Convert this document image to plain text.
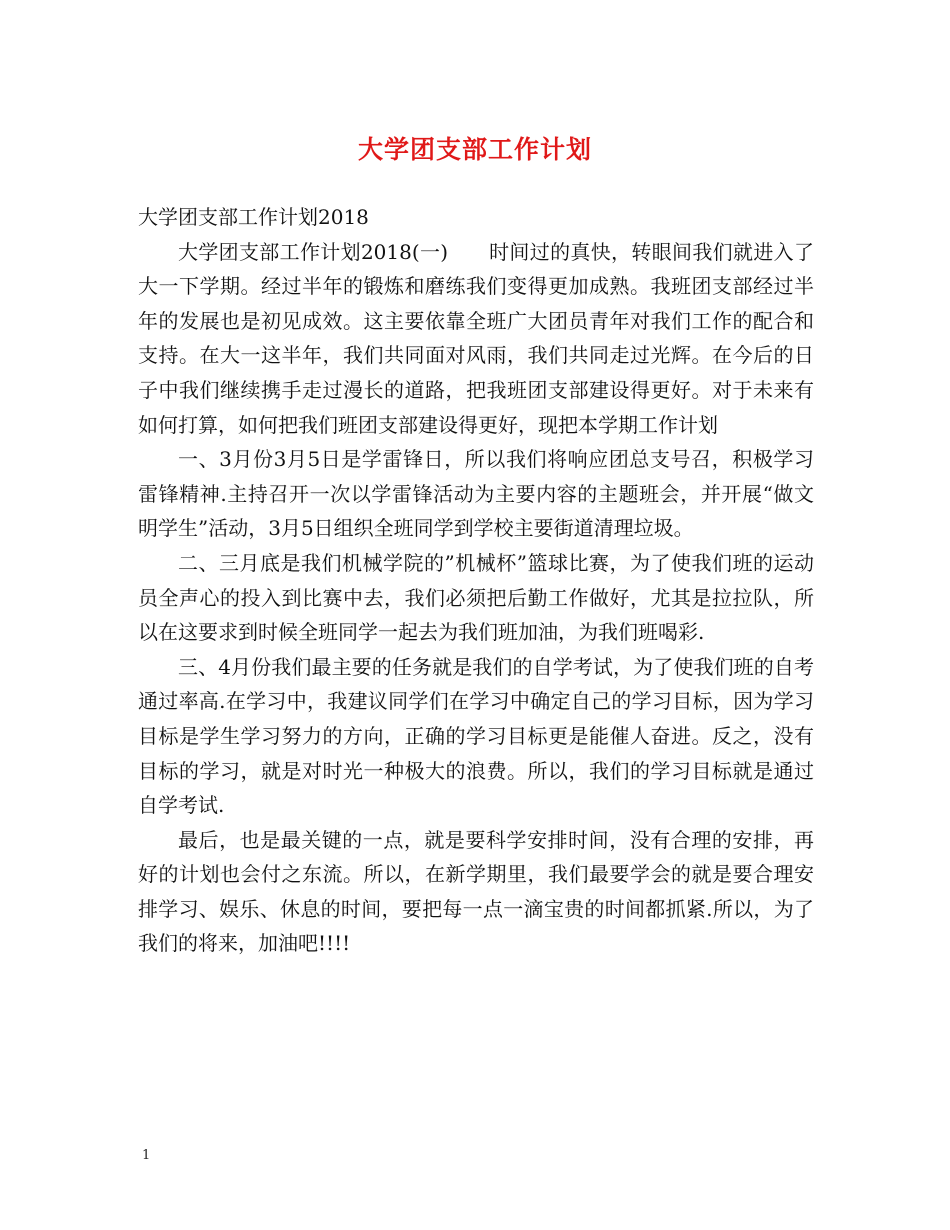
大学团支部工作计划

大学团支部工作计划2018

大学团支部工作计划2018(一)　　时间过的真快，转眼间我们就进入了大一下学期。经过半年的锻炼和磨练我们变得更加成熟。我班团支部经过半年的发展也是初见成效。这主要依靠全班广大团员青年对我们工作的配合和支持。在大一这半年，我们共同面对风雨，我们共同走过光辉。在今后的日子中我们继续携手走过漫长的道路，把我班团支部建设得更好。对于未来有如何打算，如何把我们班团支部建设得更好，现把本学期工作计划

一、3月份3月5日是学雷锋日，所以我们将响应团总支号召，积极学习雷锋精神.主持召开一次以学雷锋活动为主要内容的主题班会，并开展“做文明学生”活动，3月5日组织全班同学到学校主要街道清理垃圾。

二、三月底是我们机械学院的”机械杯”篮球比赛，为了使我们班的运动员全声心的投入到比赛中去，我们必须把后勤工作做好，尤其是拉拉队，所以在这要求到时候全班同学一起去为我们班加油，为我们班喝彩.

三、4月份我们最主要的任务就是我们的自学考试，为了使我们班的自考通过率高.在学习中，我建议同学们在学习中确定自己的学习目标，因为学习目标是学生学习努力的方向，正确的学习目标更是能催人奋进。反之，没有目标的学习，就是对时光一种极大的浪费。所以，我们的学习目标就是通过自学考试.

最后，也是最关键的一点，就是要科学安排时间，没有合理的安排，再好的计划也会付之东流。所以，在新学期里，我们最要学会的就是要合理安排学习、娱乐、休息的时间，要把每一点一滴宝贵的时间都抓紧.所以，为了我们的将来，加油吧!!!!

1
